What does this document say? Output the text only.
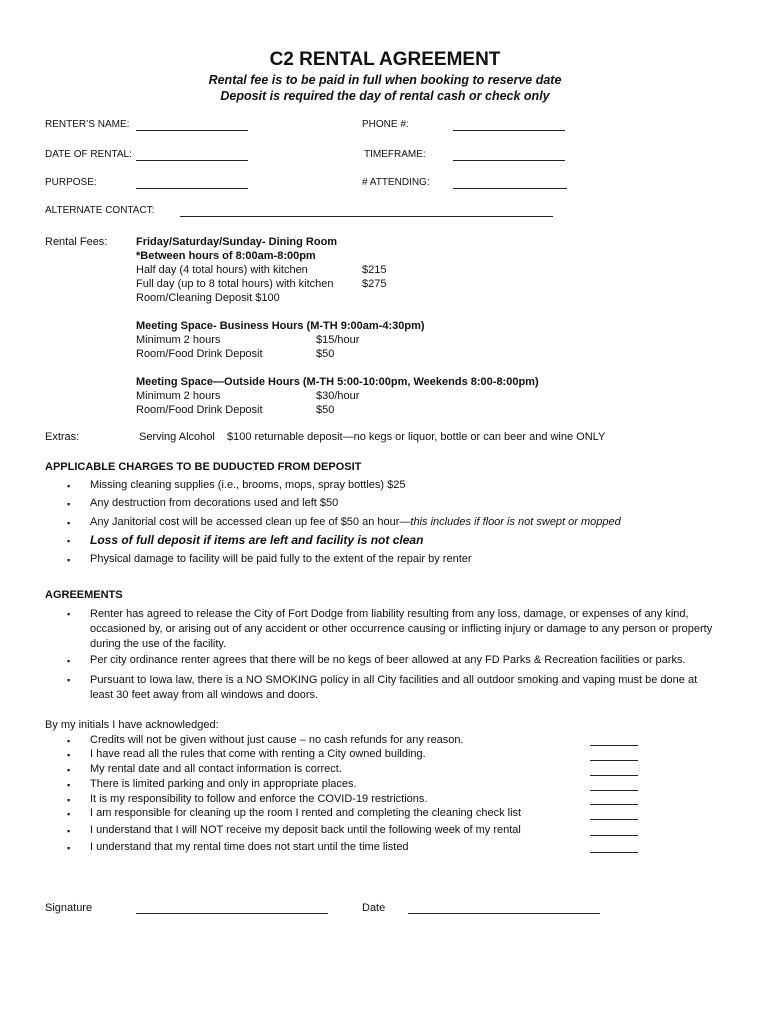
C2 RENTAL AGREEMENT
Rental fee is to be paid in full when booking to reserve date
Deposit is required the day of rental cash or check only
RENTER’S NAME:	PHONE #:
DATE OF RENTAL:	TIMEFRAME:
PURPOSE:	# ATTENDING:
ALTERNATE CONTACT:
Rental Fees:	Friday/Saturday/Sunday- Dining Room
*Between hours of 8:00am-8:00pm
Half day (4 total hours) with kitchen	$215
Full day (up to 8 total hours) with kitchen	$275
Room/Cleaning Deposit $100
Meeting Space- Business Hours (M-TH 9:00am-4:30pm)
Minimum 2 hours	$15/hour
Room/Food Drink Deposit	$50
Meeting Space—Outside Hours (M-TH 5:00-10:00pm, Weekends 8:00-8:00pm)
Minimum 2 hours	$30/hour
Room/Food Drink Deposit	$50
Extras:	Serving Alcohol $100 returnable deposit—no kegs or liquor, bottle or can beer and wine ONLY
APPLICABLE CHARGES TO BE DUDUCTED FROM DEPOSIT
▪ Missing cleaning supplies (i.e., brooms, mops, spray bottles) $25
▪ Any destruction from decorations used and left $50
▪ Any Janitorial cost will be accessed clean up fee of $50 an hour—this includes if floor is not swept or mopped
▪ Loss of full deposit if items are left and facility is not clean
▪ Physical damage to facility will be paid fully to the extent of the repair by renter
AGREEMENTS
▪ Renter has agreed to release the City of Fort Dodge from liability resulting from any loss, damage, or expenses of any kind, occasioned by, or arising out of any accident or other occurrence causing or inflicting injury or damage to any person or property during the use of the facility.
▪ Per city ordinance renter agrees that there will be no kegs of beer allowed at any FD Parks & Recreation facilities or parks.
▪ Pursuant to Iowa law, there is a NO SMOKING policy in all City facilities and all outdoor smoking and vaping must be done at least 30 feet away from all windows and doors.
By my initials I have acknowledged:
▪ Credits will not be given without just cause – no cash refunds for any reason.
▪ I have read all the rules that come with renting a City owned building.
▪ My rental date and all contact information is correct.
▪ There is limited parking and only in appropriate places.
▪ It is my responsibility to follow and enforce the COVID-19 restrictions.
▪ I am responsible for cleaning up the room I rented and completing the cleaning check list
▪ I understand that I will NOT receive my deposit back until the following week of my rental
▪ I understand that my rental time does not start until the time listed
Signature	Date
